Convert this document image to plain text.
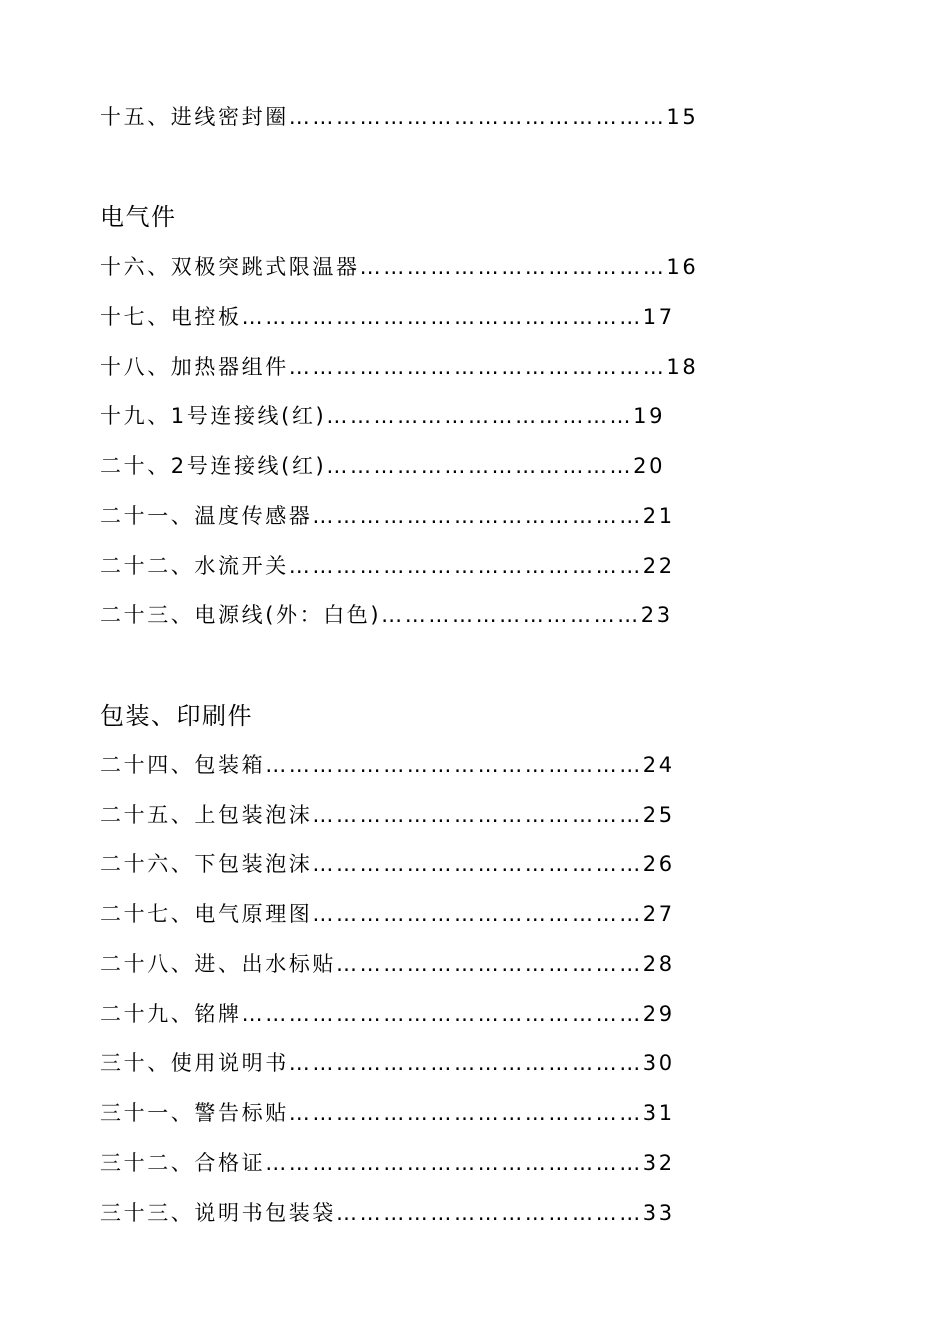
十五、进线密封圈…………………………………………15
电气件
十六、双极突跳式限温器…………………………………16
十七、电控板……………………………………………17
十八、加热器组件…………………………………………18
十九、1号连接线(红)…………………………………19
二十、2号连接线(红)…………………………………20
二十一、温度传感器……………………………………21
二十二、水流开关………………………………………22
二十三、电源线(外：白色)……………………………23
包装、印刷件
二十四、包装箱…………………………………………24
二十五、上包装泡沫……………………………………25
二十六、下包装泡沫……………………………………26
二十七、电气原理图……………………………………27
二十八、进、出水标贴…………………………………28
二十九、铭牌……………………………………………29
三十、使用说明书………………………………………30
三十一、警告标贴………………………………………31
三十二、合格证…………………………………………32
三十三、说明书包装袋…………………………………33
